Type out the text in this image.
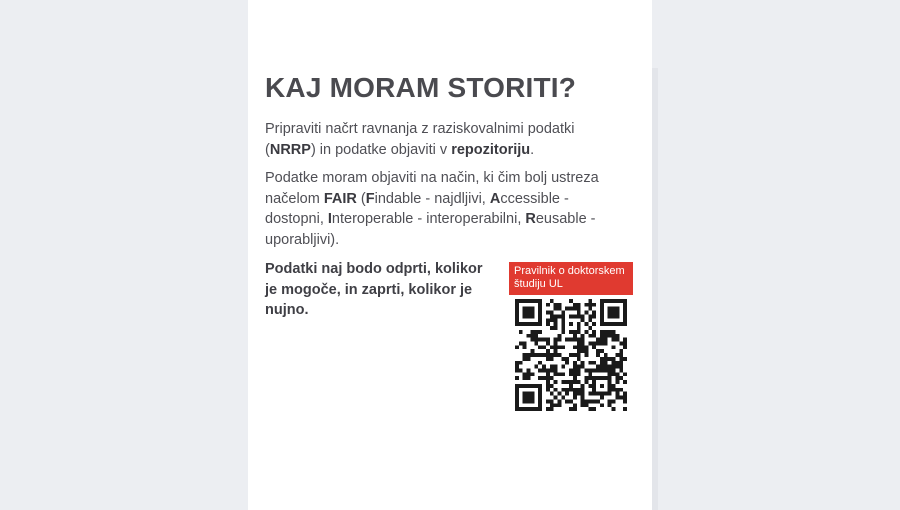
KAJ MORAM STORITI?

Pripraviti načrt ravnanja z raziskovalnimi podatki (NRRP) in podatke objaviti v repozitoriju.

Podatke moram objaviti na način, ki čim bolj ustreza načelom FAIR (Findable - najdljivi, Accessible - dostopni, Interoperable - interoperabilni, Reusable - uporabljivi).

Podatki naj bodo odprti, kolikor je mogoče, in zaprti, kolikor je nujno.

Pravilnik o doktorskem študiju UL
